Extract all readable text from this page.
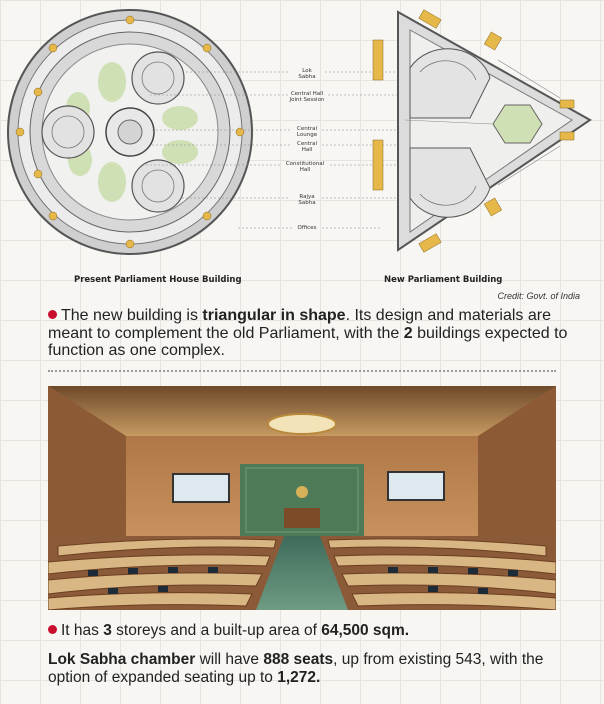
Lok Sabha
Central Hall Joint Session
Central Lounge
Central Hall
Constitutional Hall
Rajya Sabha
Offices
Present Parliament House Building	New Parliament Building
Credit: Govt. of India
The new building is triangular in shape. Its design and materials are meant to complement the old Parliament, with the 2 buildings expected to function as one complex.
It has 3 storeys and a built-up area of 64,500 sqm.
Lok Sabha chamber will have 888 seats, up from existing 543, with the option of expanded seating up to 1,272.
